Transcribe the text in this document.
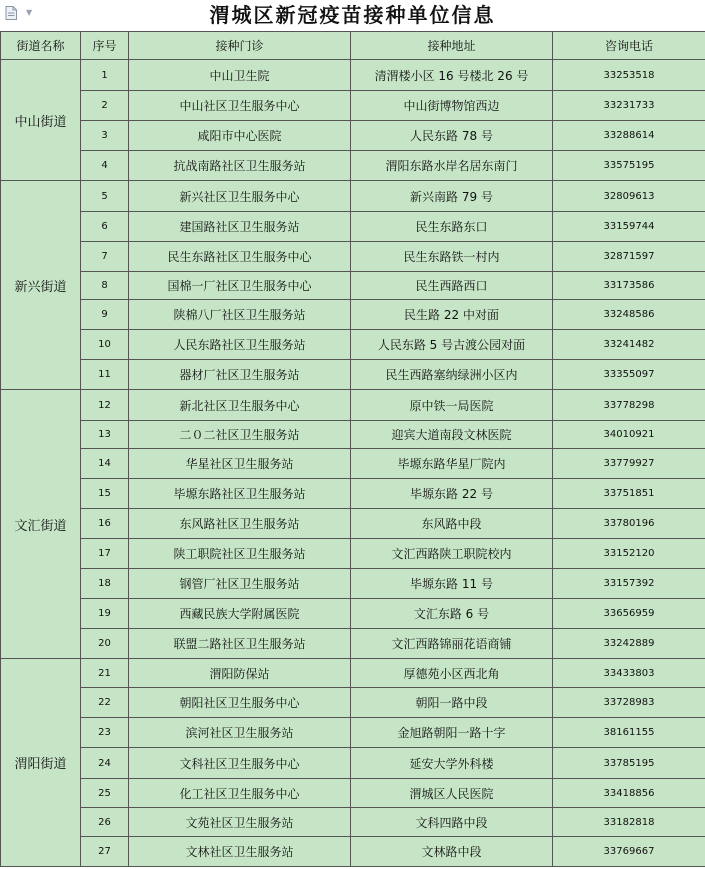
▼	渭城区新冠疫苗接种单位信息
街道名称	序号	接种门诊	接种地址	咨询电话
中山街道	1	中山卫生院	清渭楼小区 16 号楼北 26 号	33253518
	2	中山社区卫生服务中心	中山街博物馆西边	33231733
	3	咸阳市中心医院	人民东路 78 号	33288614
	4	抗战南路社区卫生服务站	渭阳东路水岸名居东南门	33575195
新兴街道	5	新兴社区卫生服务中心	新兴南路 79 号	32809613
	6	建国路社区卫生服务站	民生东路东口	33159744
	7	民生东路社区卫生服务中心	民生东路铁一村内	32871597
	8	国棉一厂社区卫生服务中心	民生西路西口	33173586
	9	陕棉八厂社区卫生服务站	民生路 22 中对面	33248586
	10	人民东路社区卫生服务站	人民东路 5 号古渡公园对面	33241482
	11	器材厂社区卫生服务站	民生西路塞纳绿洲小区内	33355097
文汇街道	12	新北社区卫生服务中心	原中铁一局医院	33778298
	13	二０二社区卫生服务站	迎宾大道南段文林医院	34010921
	14	华星社区卫生服务站	毕塬东路华星厂院内	33779927
	15	毕塬东路社区卫生服务站	毕塬东路 22 号	33751851
	16	东风路社区卫生服务站	东风路中段	33780196
	17	陕工职院社区卫生服务站	文汇西路陕工职院校内	33152120
	18	钢管厂社区卫生服务站	毕塬东路 11 号	33157392
	19	西藏民族大学附属医院	文汇东路 6 号	33656959
	20	联盟二路社区卫生服务站	文汇西路锦丽花语商铺	33242889
渭阳街道	21	渭阳防保站	厚德苑小区西北角	33433803
	22	朝阳社区卫生服务中心	朝阳一路中段	33728983
	23	滨河社区卫生服务站	金旭路朝阳一路十字	38161155
	24	文科社区卫生服务中心	延安大学外科楼	33785195
	25	化工社区卫生服务中心	渭城区人民医院	33418856
	26	文苑社区卫生服务站	文科四路中段	33182818
	27	文林社区卫生服务站	文林路中段	33769667
